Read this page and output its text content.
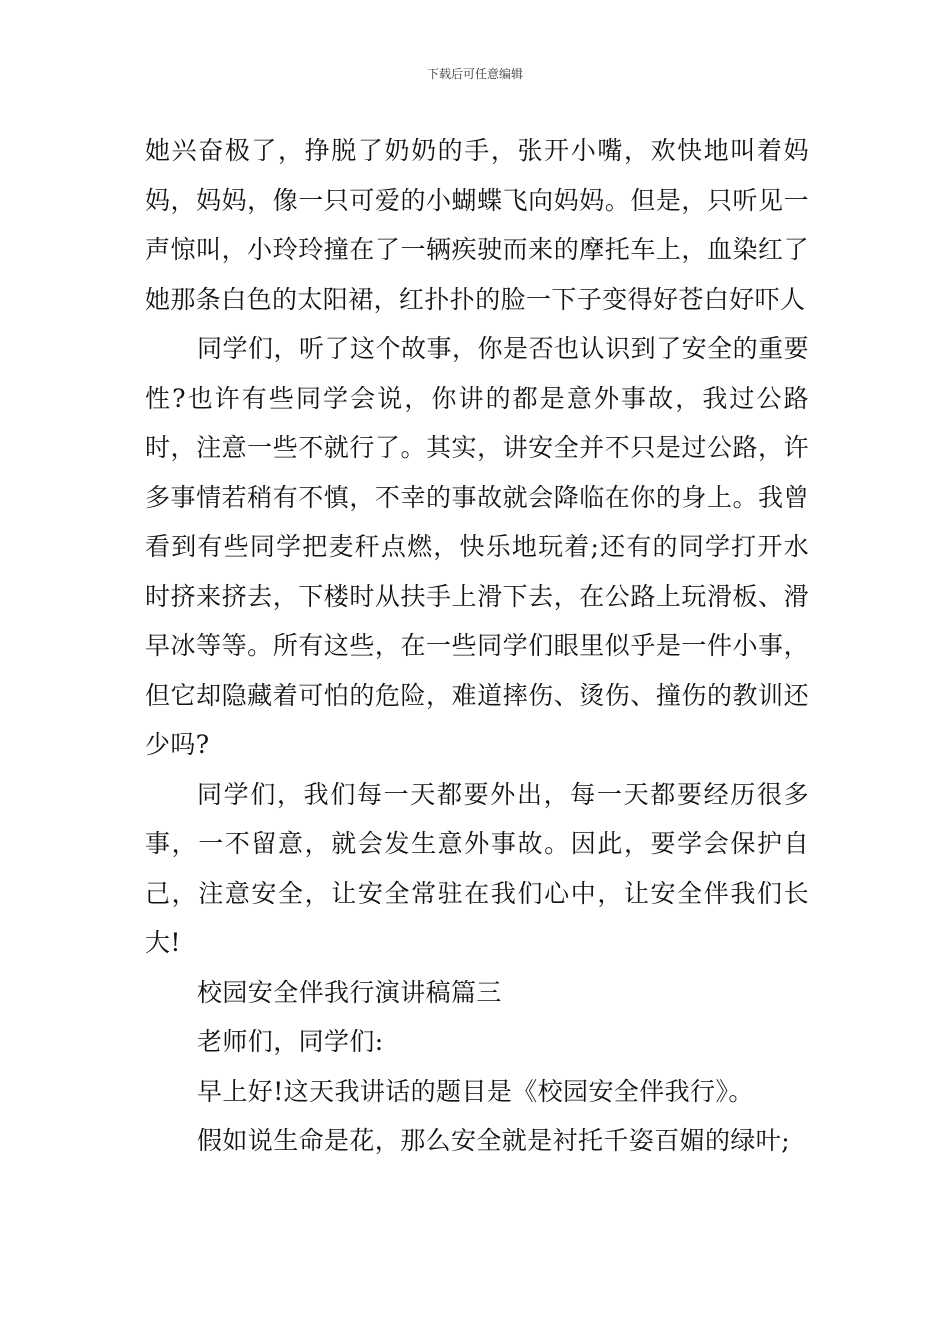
下载后可任意编辑

她兴奋极了，挣脱了奶奶的手，张开小嘴，欢快地叫着妈妈，妈妈，像一只可爱的小蝴蝶飞向妈妈。但是，只听见一声惊叫，小玲玲撞在了一辆疾驶而来的摩托车上，血染红了她那条白色的太阳裙，红扑扑的脸一下子变得好苍白好吓人

同学们，听了这个故事，你是否也认识到了安全的重要性?也许有些同学会说，你讲的都是意外事故，我过公路时，注意一些不就行了。其实，讲安全并不只是过公路，许多事情若稍有不慎，不幸的事故就会降临在你的身上。我曾看到有些同学把麦秆点燃，快乐地玩着;还有的同学打开水时挤来挤去，下楼时从扶手上滑下去，在公路上玩滑板、滑早冰等等。所有这些，在一些同学们眼里似乎是一件小事，但它却隐藏着可怕的危险，难道摔伤、烫伤、撞伤的教训还少吗?

同学们，我们每一天都要外出，每一天都要经历很多事，一不留意，就会发生意外事故。因此，要学会保护自己，注意安全，让安全常驻在我们心中，让安全伴我们长大!

校园安全伴我行演讲稿篇三

老师们，同学们:

早上好!这天我讲话的题目是《校园安全伴我行》。

假如说生命是花，那么安全就是衬托千姿百媚的绿叶;
